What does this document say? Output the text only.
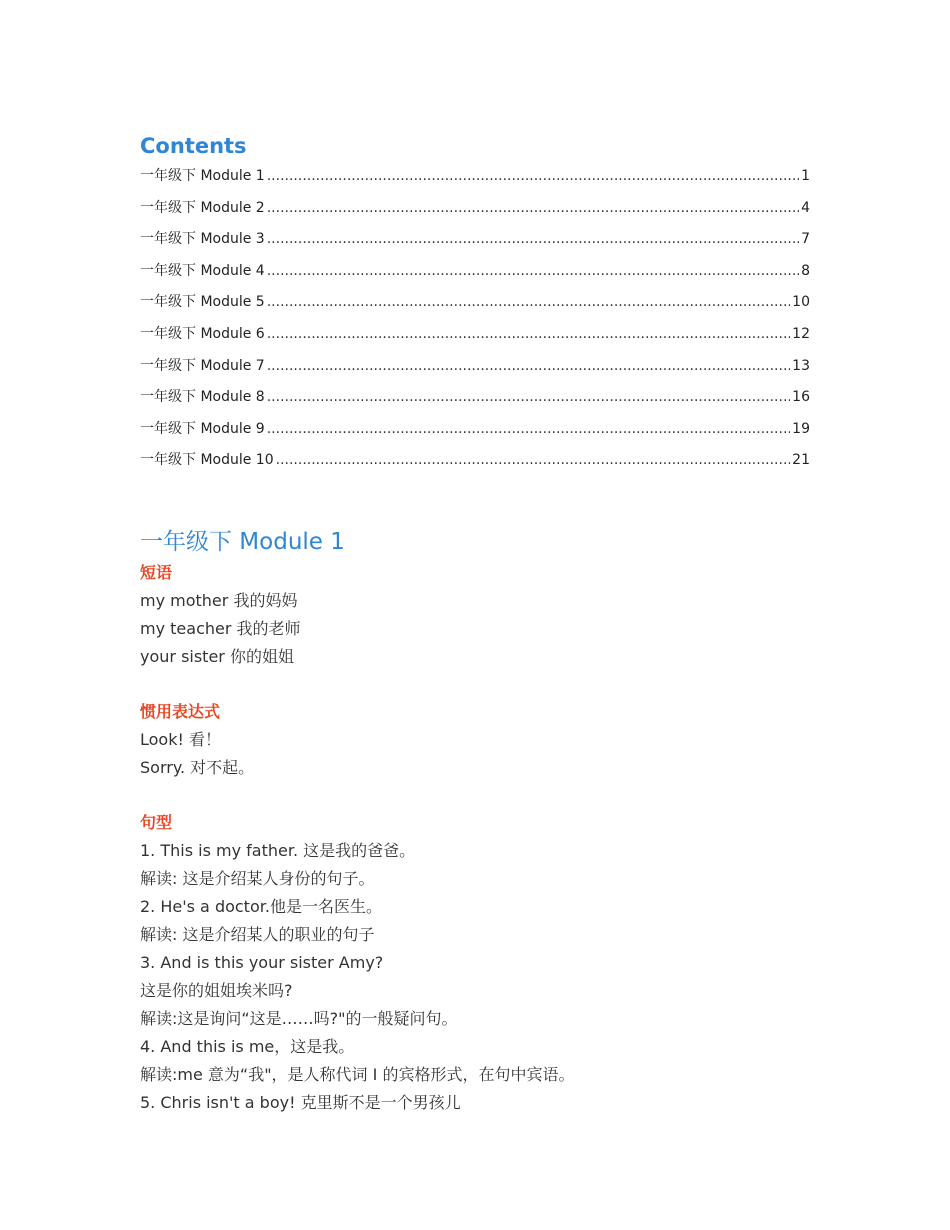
Contents
一年级下 Module 1 .....	1
一年级下 Module 2 .....	4
一年级下 Module 3 .....	7
一年级下 Module 4 .....	8
一年级下 Module 5 .....	10
一年级下 Module 6 .....	12
一年级下 Module 7 .....	13
一年级下 Module 8 .....	16
一年级下 Module 9 .....	19
一年级下 Module 10 .....	21
一年级下 Module 1
短语

my mother 我的妈妈

my teacher 我的老师

your sister 你的姐姐

惯用表达式

Look! 看！

Sorry. 对不起。

句型

1. This is my father. 这是我的爸爸。

解读: 这是介绍某人身份的句子。

2. He's a doctor.他是一名医生。

解读: 这是介绍某人的职业的句子

3. And is this your sister Amy?

这是你的姐姐埃米吗?

解读:这是询问“这是……吗?"的一般疑问句。

4. And this is me，这是我。

解读:me 意为“我"，是人称代词 I 的宾格形式，在句中宾语。

5. Chris isn't a boy! 克里斯不是一个男孩儿
